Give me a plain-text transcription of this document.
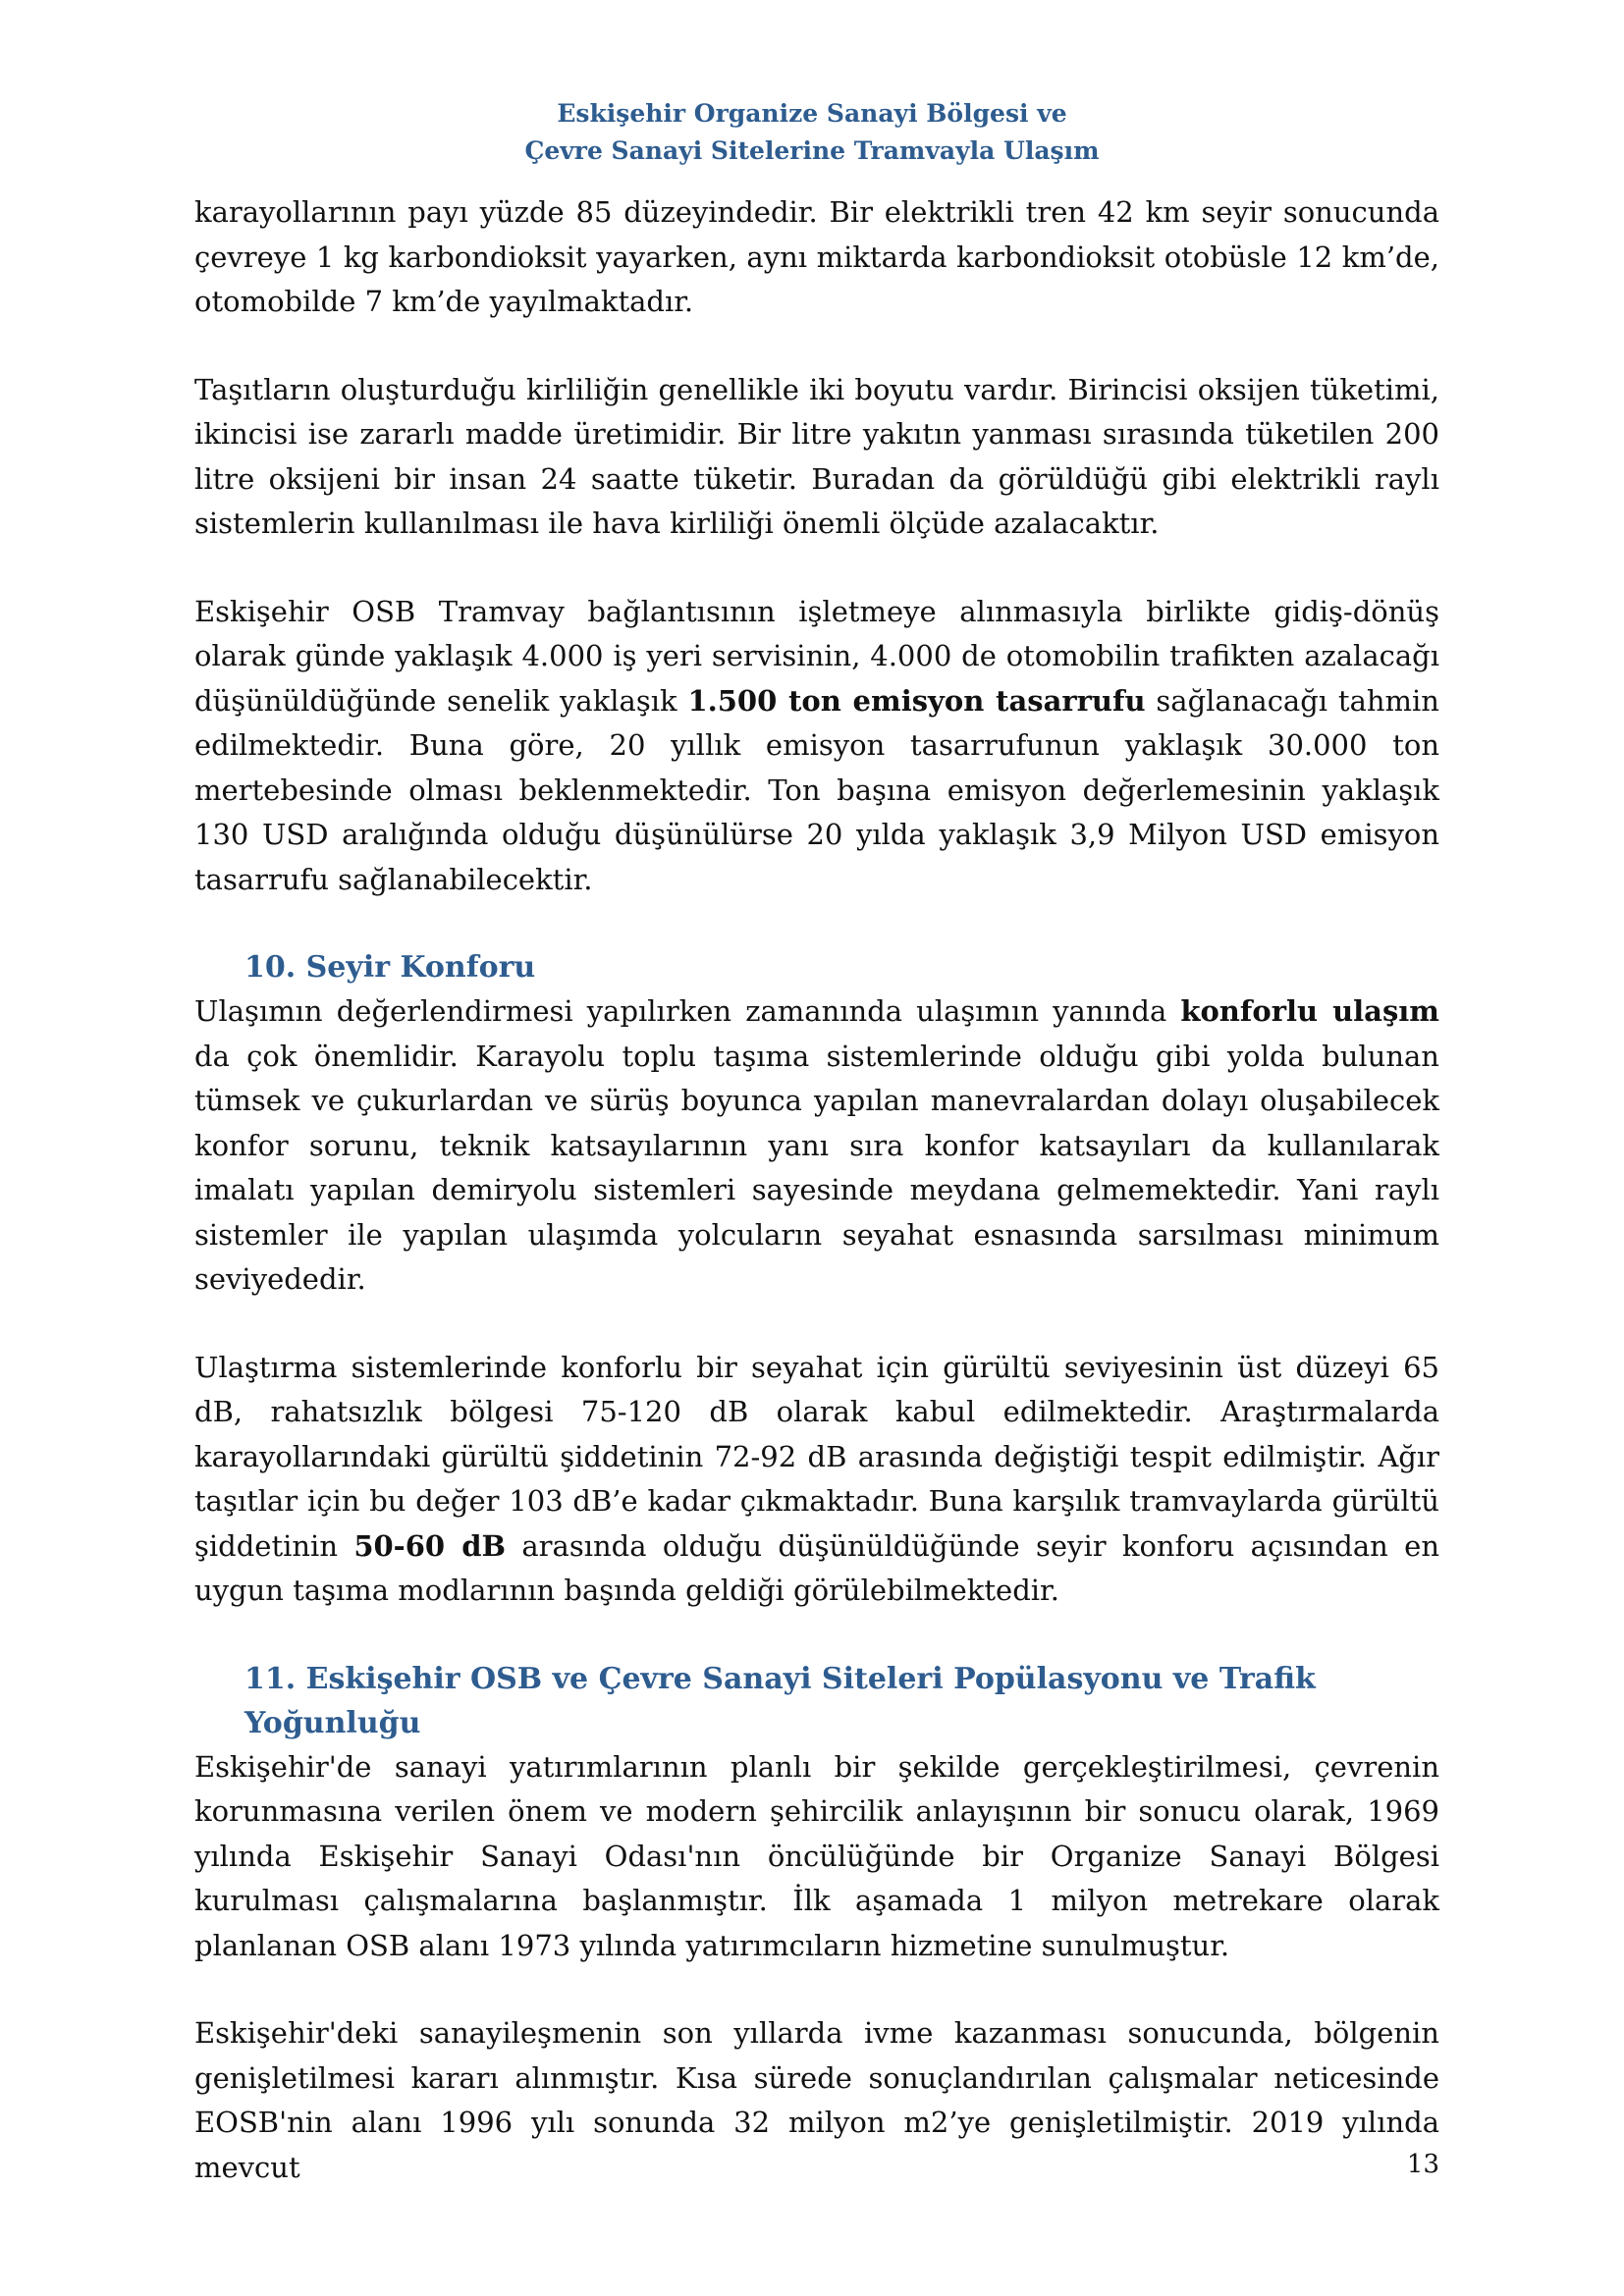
Eskişehir Organize Sanayi Bölgesi ve
Çevre Sanayi Sitelerine Tramvayla Ulaşım

karayollarının payı yüzde 85 düzeyindedir. Bir elektrikli tren 42 km seyir sonucunda çevreye 1 kg karbondioksit yayarken, aynı miktarda karbondioksit otobüsle 12 km’de, otomobilde 7 km’de yayılmaktadır.

Taşıtların oluşturduğu kirliliğin genellikle iki boyutu vardır. Birincisi oksijen tüketimi, ikincisi ise zararlı madde üretimidir. Bir litre yakıtın yanması sırasında tüketilen 200 litre oksijeni bir insan 24 saatte tüketir. Buradan da görüldüğü gibi elektrikli raylı sistemlerin kullanılması ile hava kirliliği önemli ölçüde azalacaktır.

Eskişehir OSB Tramvay bağlantısının işletmeye alınmasıyla birlikte gidiş-dönüş olarak günde yaklaşık 4.000 iş yeri servisinin, 4.000 de otomobilin trafikten azalacağı düşünüldüğünde senelik yaklaşık 1.500 ton emisyon tasarrufu sağlanacağı tahmin edilmektedir. Buna göre, 20 yıllık emisyon tasarrufunun yaklaşık 30.000 ton mertebesinde olması beklenmektedir. Ton başına emisyon değerlemesinin yaklaşık 130 USD aralığında olduğu düşünülürse 20 yılda yaklaşık 3,9 Milyon USD emisyon tasarrufu sağlanabilecektir.

10. Seyir Konforu

Ulaşımın değerlendirmesi yapılırken zamanında ulaşımın yanında konforlu ulaşım da çok önemlidir. Karayolu toplu taşıma sistemlerinde olduğu gibi yolda bulunan tümsek ve çukurlardan ve sürüş boyunca yapılan manevralardan dolayı oluşabilecek konfor sorunu, teknik katsayılarının yanı sıra konfor katsayıları da kullanılarak imalatı yapılan demiryolu sistemleri sayesinde meydana gelmemektedir. Yani raylı sistemler ile yapılan ulaşımda yolcuların seyahat esnasında sarsılması minimum seviyededir.

Ulaştırma sistemlerinde konforlu bir seyahat için gürültü seviyesinin üst düzeyi 65 dB, rahatsızlık bölgesi 75-120 dB olarak kabul edilmektedir. Araştırmalarda karayollarındaki gürültü şiddetinin 72-92 dB arasında değiştiği tespit edilmiştir. Ağır taşıtlar için bu değer 103 dB’e kadar çıkmaktadır. Buna karşılık tramvaylarda gürültü şiddetinin 50-60 dB arasında olduğu düşünüldüğünde seyir konforu açısından en uygun taşıma modlarının başında geldiği görülebilmektedir.

11. Eskişehir OSB ve Çevre Sanayi Siteleri Popülasyonu ve Trafik Yoğunluğu

Eskişehir'de sanayi yatırımlarının planlı bir şekilde gerçekleştirilmesi, çevrenin korunmasına verilen önem ve modern şehircilik anlayışının bir sonucu olarak, 1969 yılında Eskişehir Sanayi Odası'nın öncülüğünde bir Organize Sanayi Bölgesi kurulması çalışmalarına başlanmıştır. İlk aşamada 1 milyon metrekare olarak planlanan OSB alanı 1973 yılında yatırımcıların hizmetine sunulmuştur.

Eskişehir'deki sanayileşmenin son yıllarda ivme kazanması sonucunda, bölgenin genişletilmesi kararı alınmıştır. Kısa sürede sonuçlandırılan çalışmalar neticesinde EOSB'nin alanı 1996 yılı sonunda 32 milyon m2’ye genişletilmiştir. 2019 yılında mevcut	13
